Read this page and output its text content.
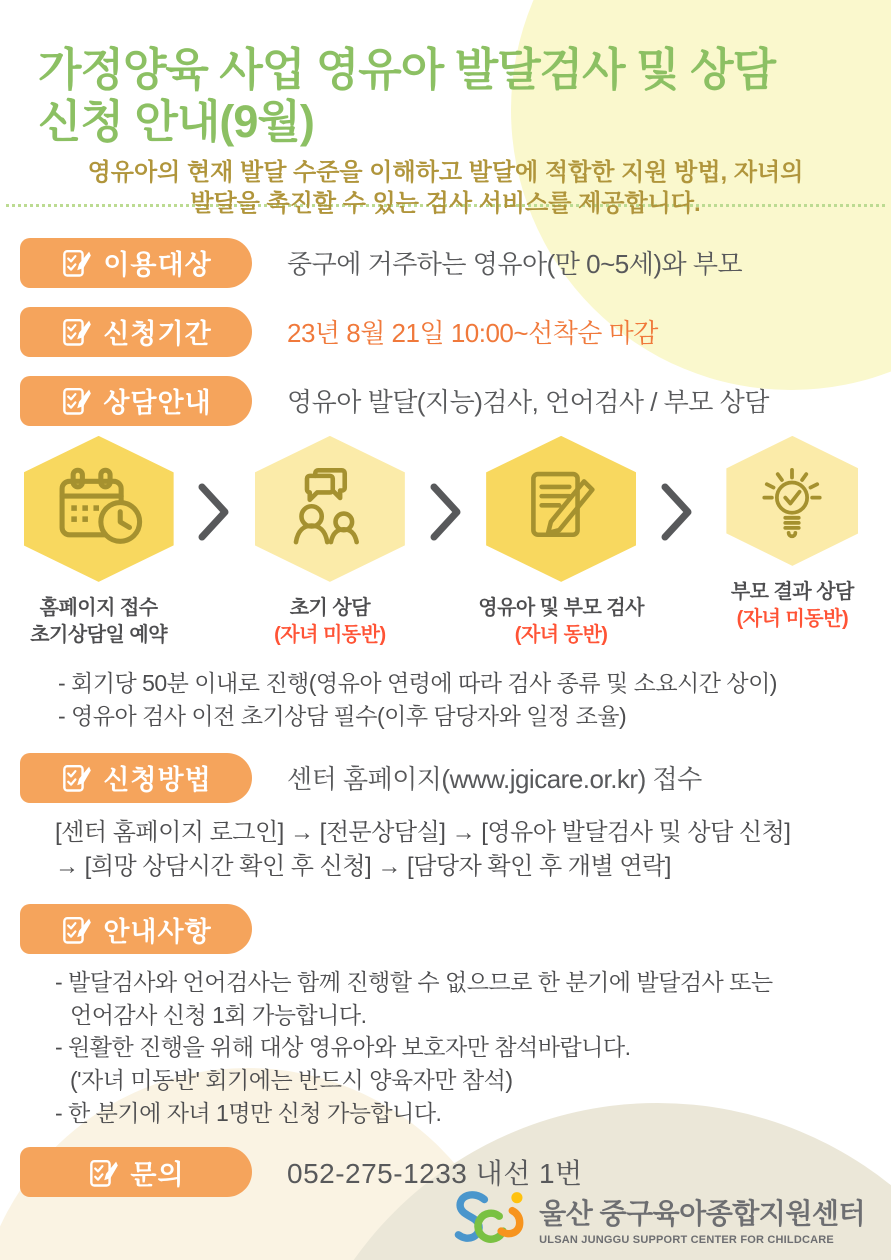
가정양육 사업 영유아 발달검사 및 상담
신청 안내(9월)
영유아의 현재 발달 수준을 이해하고 발달에 적합한 지원 방법, 자녀의
발달을 촉진할 수 있는 검사 서비스를 제공합니다.
이용대상	중구에 거주하는 영유아(만 0~5세)와 부모
신청기간	23년 8월 21일 10:00~선착순 마감
상담안내	영유아 발달(지능)검사, 언어검사 / 부모 상담
홈페이지 접수
초기상담일 예약
초기 상담
(자녀 미동반)
영유아 및 부모 검사
(자녀 동반)
부모 결과 상담
(자녀 미동반)
- 회기당 50분 이내로 진행(영유아 연령에 따라 검사 종류 및 소요시간 상이)
- 영유아 검사 이전 초기상담 필수(이후 담당자와 일정 조율)
신청방법	센터 홈페이지(www.jgicare.or.kr) 접수
[센터 홈페이지 로그인] → [전문상담실] → [영유아 발달검사 및 상담 신청]
→ [희망 상담시간 확인 후 신청] → [담당자 확인 후 개별 연락]
안내사항
- 발달검사와 언어검사는 함께 진행할 수 없으므로 한 분기에 발달검사 또는
언어감사 신청 1회 가능합니다.
- 원활한 진행을 위해 대상 영유아와 보호자만 참석바랍니다.
('자녀 미동반' 회기에는 반드시 양육자만 참석)
- 한 분기에 자녀 1명만 신청 가능합니다.
문의	052-275-1233 내선 1번
울산 중구육아종합지원센터
ULSAN JUNGGU SUPPORT CENTER FOR CHILDCARE
